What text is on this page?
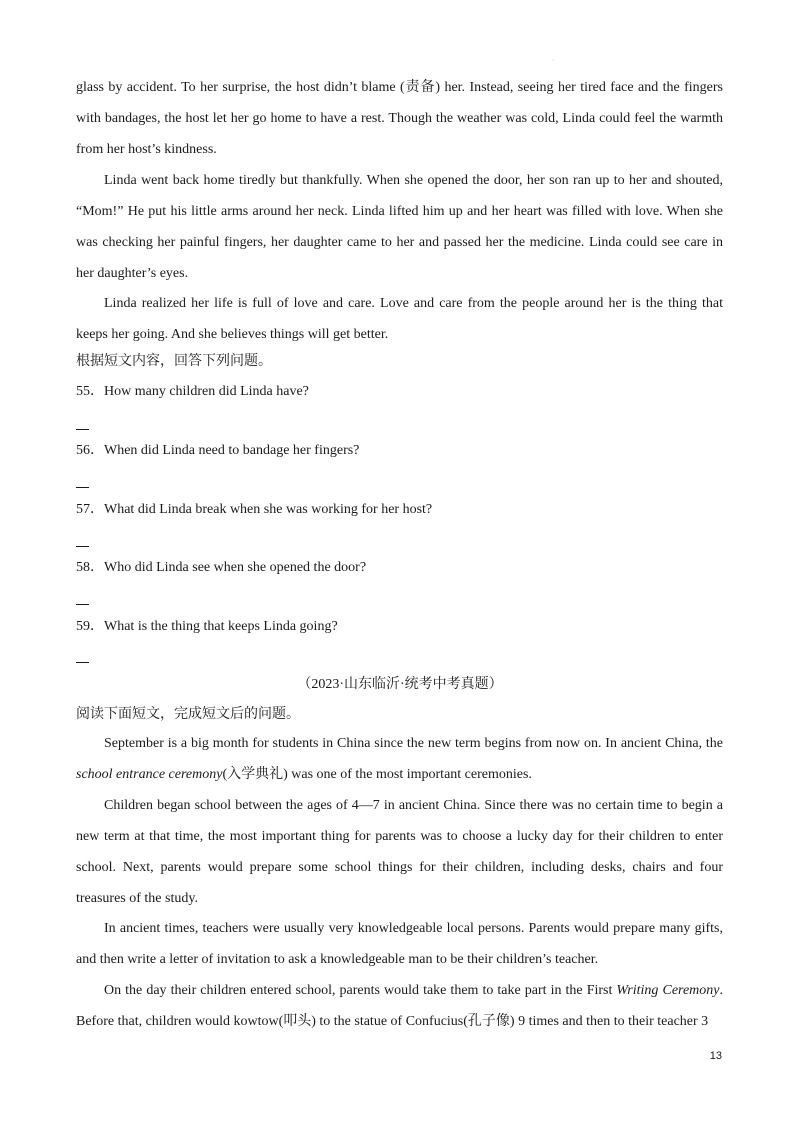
·

glass by accident. To her surprise, the host didn’t blame (责备) her. Instead, seeing her tired face and the fingers with bandages, the host let her go home to have a rest. Though the weather was cold, Linda could feel the warmth from her host’s kindness.

Linda went back home tiredly but thankfully. When she opened the door, her son ran up to her and shouted, “Mom!” He put his little arms around her neck. Linda lifted him up and her heart was filled with love. When she was checking her painful fingers, her daughter came to her and passed her the medicine. Linda could see care in her daughter’s eyes.

Linda realized her life is full of love and care. Love and care from the people around her is the thing that keeps her going. And she believes things will get better.

根据短文内容，回答下列问题。
55．How many children did Linda have?
56．When did Linda need to bandage her fingers?
57．What did Linda break when she was working for her host?
58．Who did Linda see when she opened the door?
59．What is the thing that keeps Linda going?
（2023·山东临沂·统考中考真题）
阅读下面短文，完成短文后的问题。

September is a big month for students in China since the new term begins from now on. In ancient China, the school entrance ceremony(入学典礼) was one of the most important ceremonies.

Children began school between the ages of 4—7 in ancient China. Since there was no certain time to begin a new term at that time, the most important thing for parents was to choose a lucky day for their children to enter school. Next, parents would prepare some school things for their children, including desks, chairs and four treasures of the study.

In ancient times, teachers were usually very knowledgeable local persons. Parents would prepare many gifts, and then write a letter of invitation to ask a knowledgeable man to be their children’s teacher.

On the day their children entered school, parents would take them to take part in the First Writing Ceremony. Before that, children would kowtow(叩头) to the statue of Confucius(孔子像) 9 times and then to their teacher 3

13
